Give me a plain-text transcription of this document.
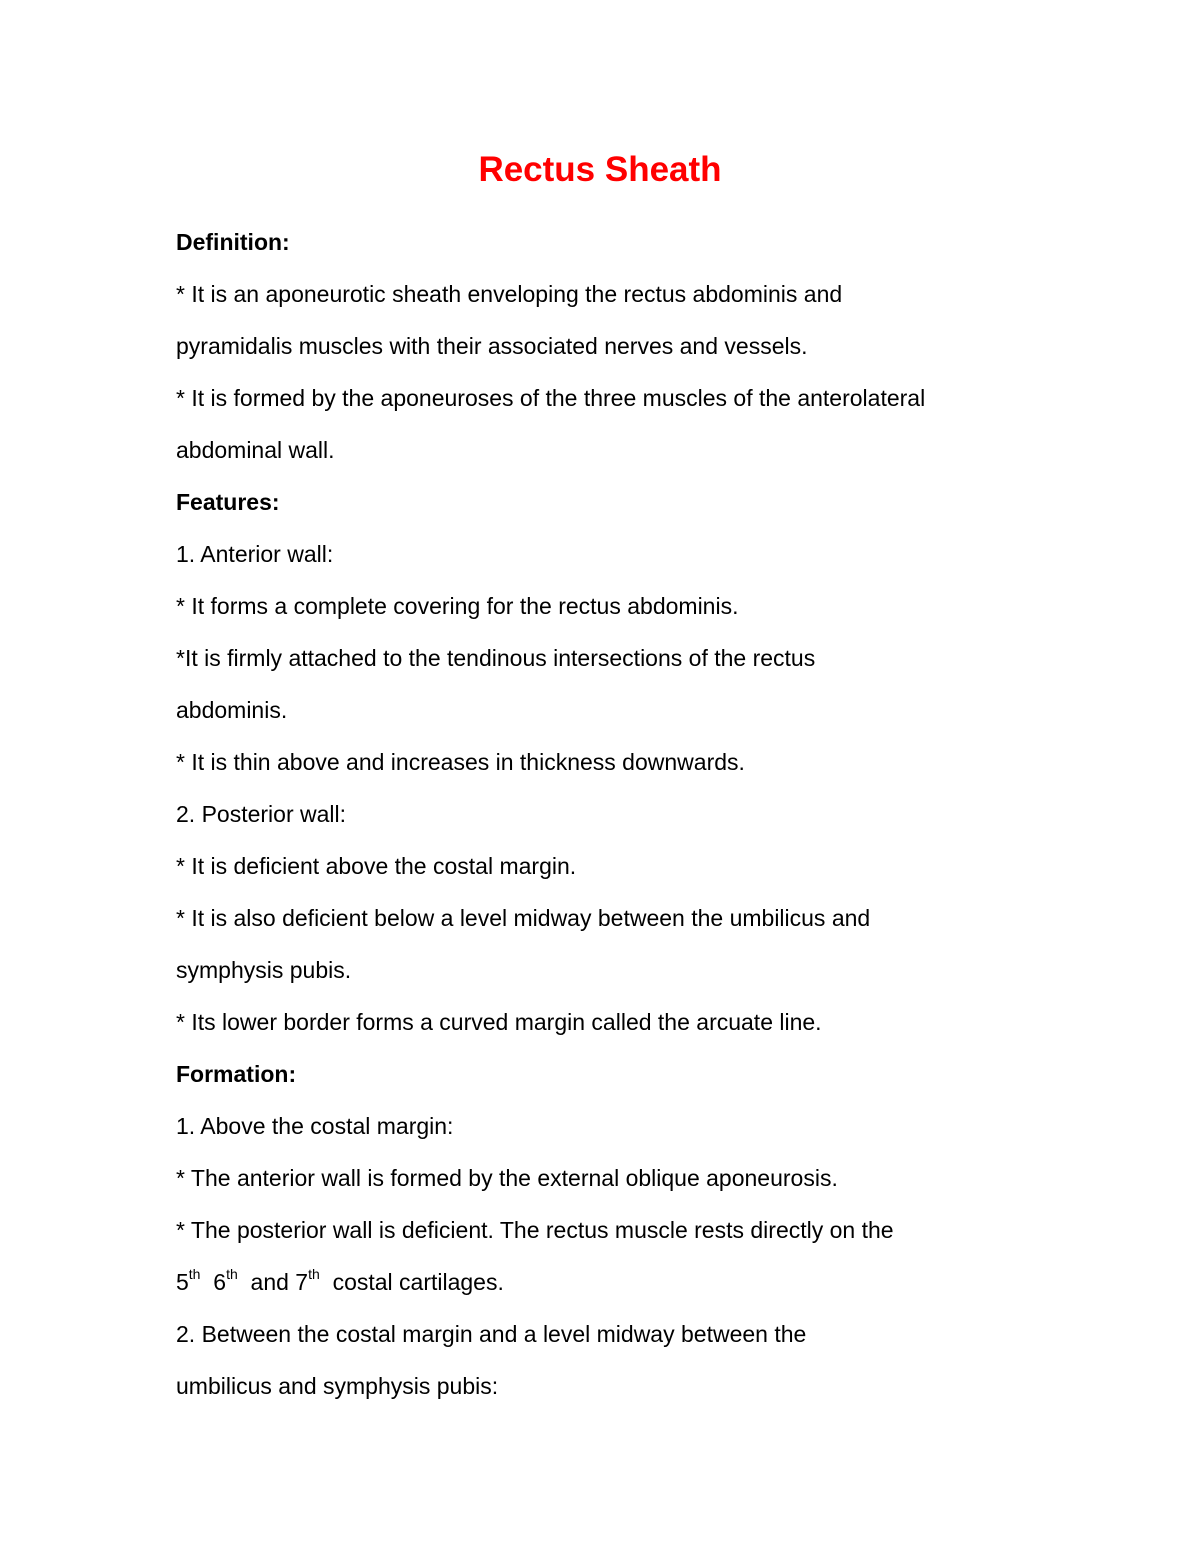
Rectus Sheath
Definition:
* It is an aponeurotic sheath enveloping the rectus abdominis and
pyramidalis muscles with their associated nerves and vessels.
* It is formed by the aponeuroses of the three muscles of the anterolateral
abdominal wall.
Features:
1. Anterior wall:
* It forms a complete covering for the rectus abdominis.
*It is firmly attached to the tendinous intersections of the rectus
abdominis.
* It is thin above and increases in thickness downwards.
2. Posterior wall:
* It is deficient above the costal margin.
* It is also deficient below a level midway between the umbilicus and
symphysis pubis.
* Its lower border forms a curved margin called the arcuate line.
Formation:
1. Above the costal margin:
* The anterior wall is formed by the external oblique aponeurosis.
* The posterior wall is deficient. The rectus muscle rests directly on the
5th 6th and 7th costal cartilages.
2. Between the costal margin and a level midway between the
umbilicus and symphysis pubis:
